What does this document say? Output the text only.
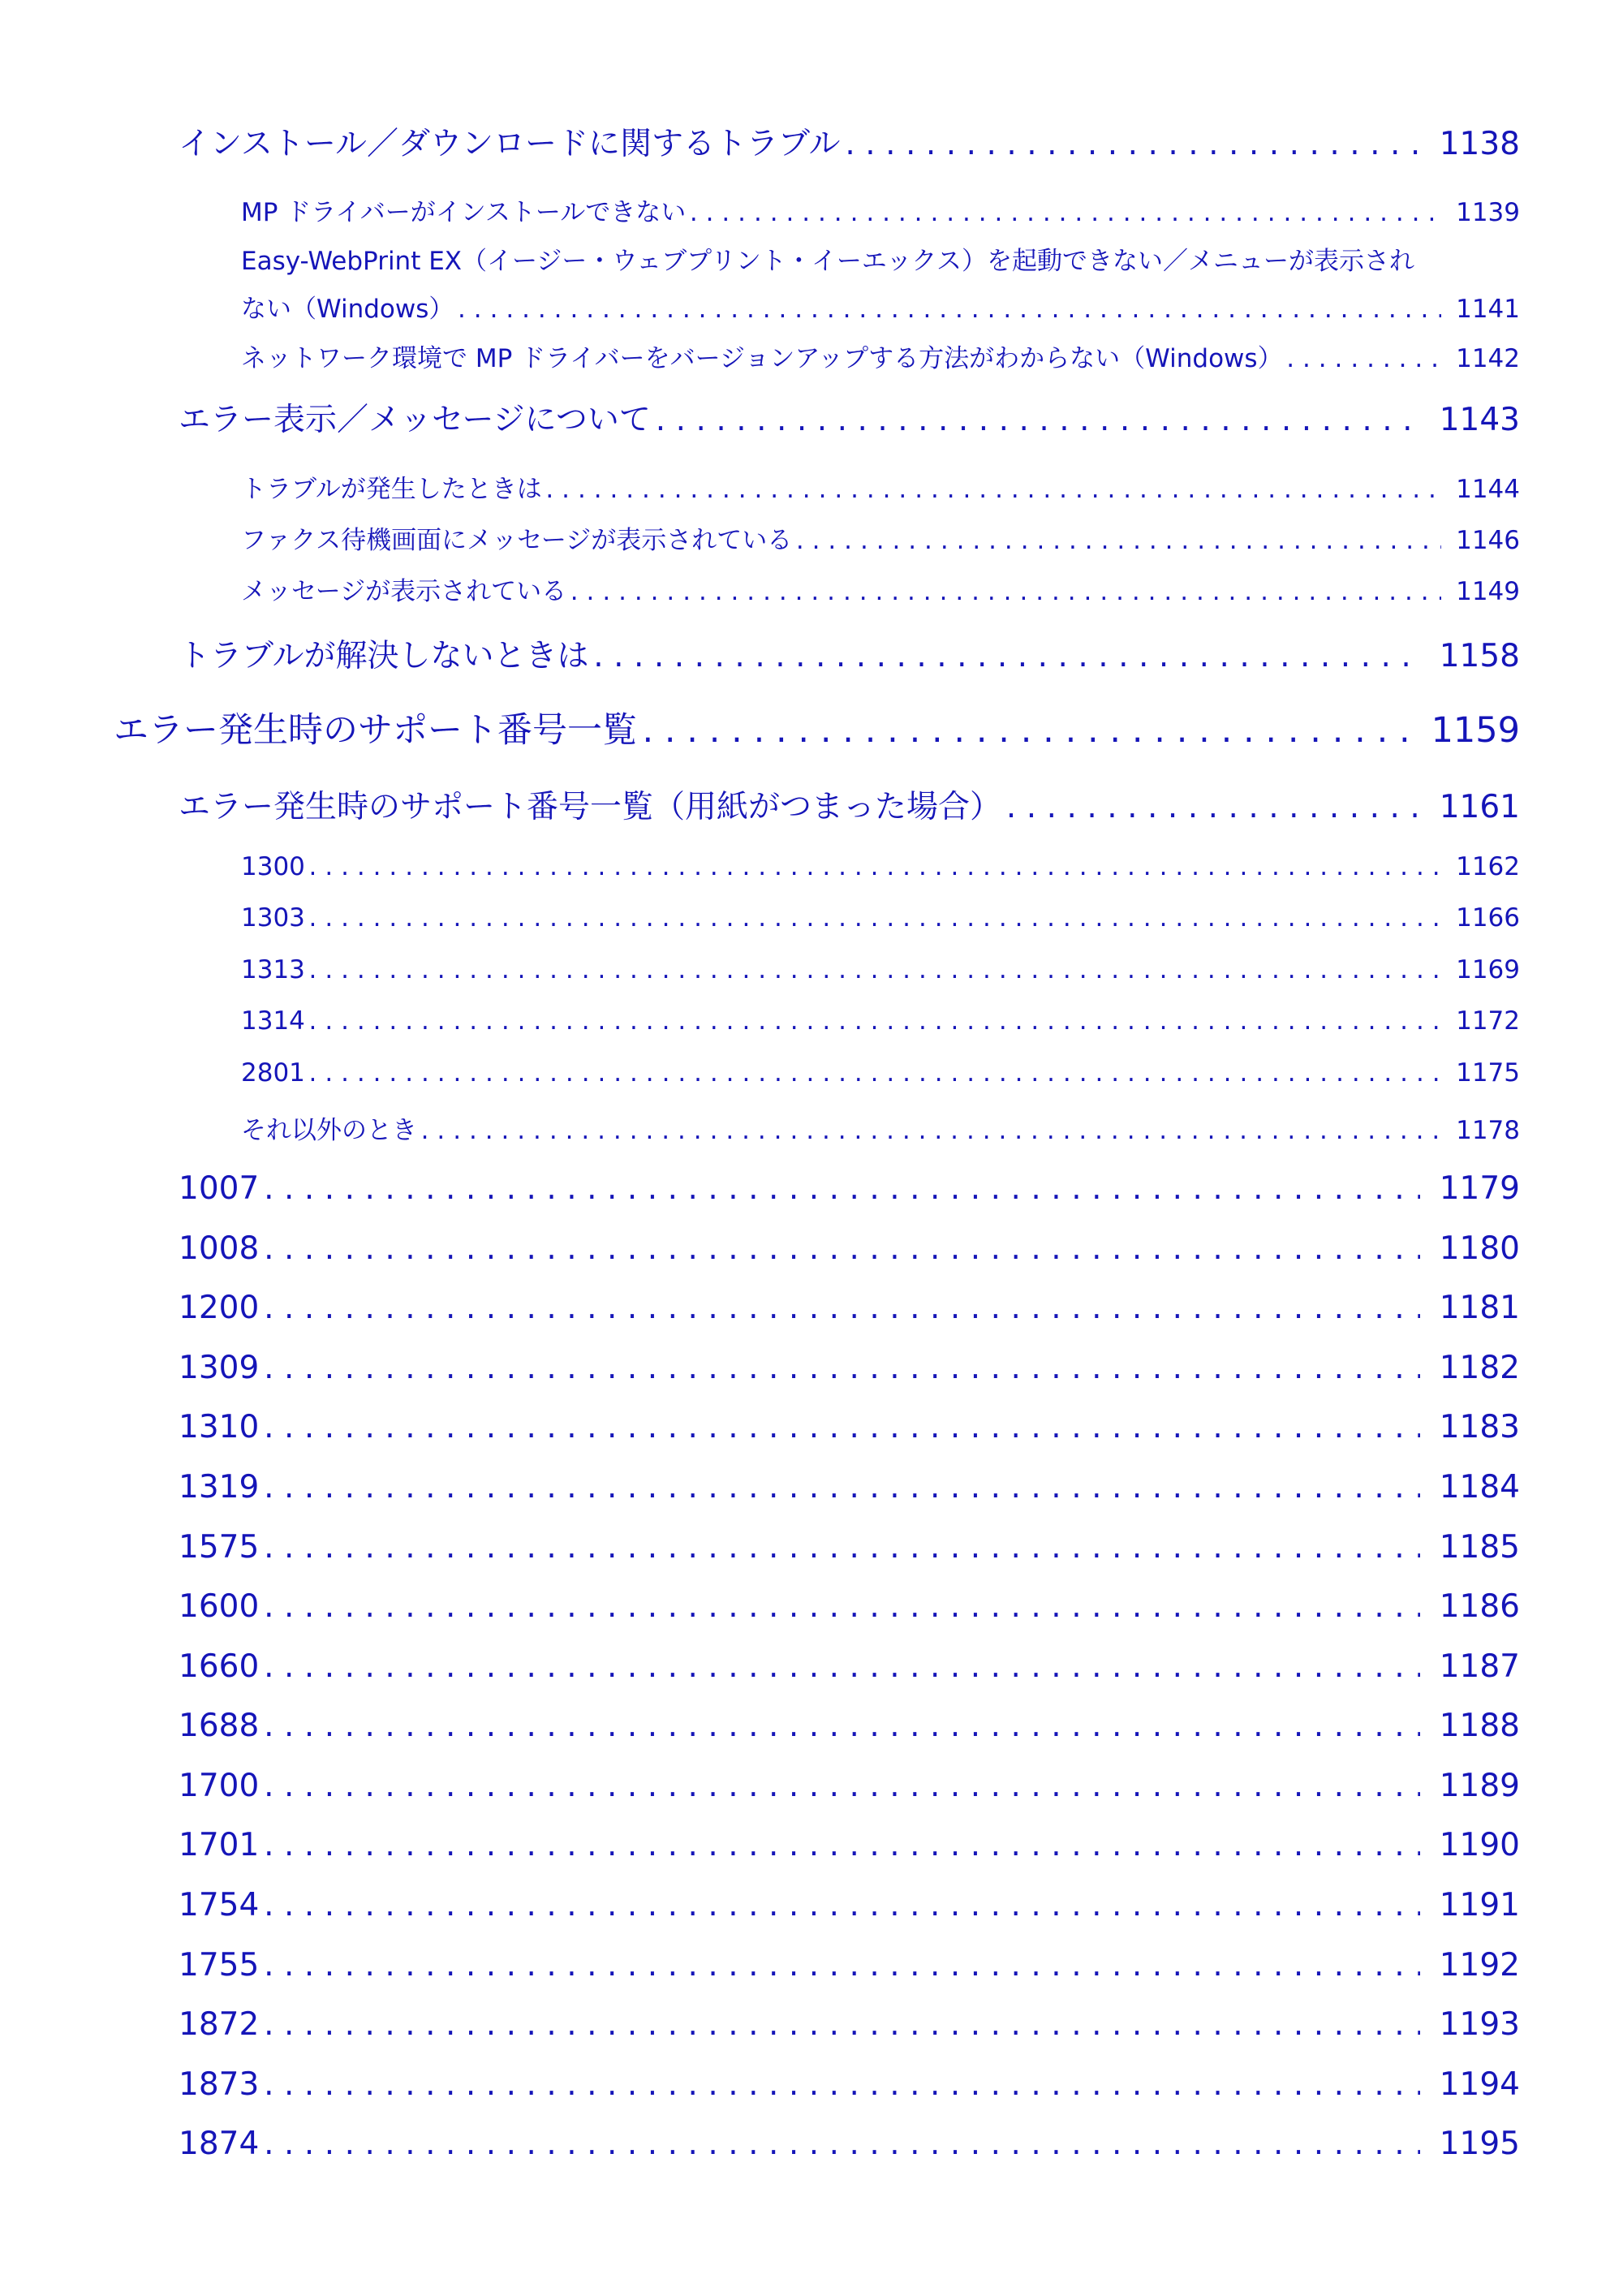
インストール／ダウンロードに関するトラブル .....	1138
MP ドライバーがインストールできない .....	1139
Easy-WebPrint EX（イージー・ウェブプリント・イーエックス）を起動できない／メニューが表示され
ない（Windows） .....	1141
ネットワーク環境で MP ドライバーをバージョンアップする方法がわからない（Windows） .....	1142
エラー表示／メッセージについて .....	1143
トラブルが発生したときは .....	1144
ファクス待機画面にメッセージが表示されている .....	1146
メッセージが表示されている .....	1149
トラブルが解決しないときは .....	1158
エラー発生時のサポート番号一覧 .....	1159
エラー発生時のサポート番号一覧（用紙がつまった場合） .....	1161
1300 .....	1162
1303 .....	1166
1313 .....	1169
1314 .....	1172
2801 .....	1175
それ以外のとき .....	1178
1007 .....	1179
1008 .....	1180
1200 .....	1181
1309 .....	1182
1310 .....	1183
1319 .....	1184
1575 .....	1185
1600 .....	1186
1660 .....	1187
1688 .....	1188
1700 .....	1189
1701 .....	1190
1754 .....	1191
1755 .....	1192
1872 .....	1193
1873 .....	1194
1874 .....	1195
